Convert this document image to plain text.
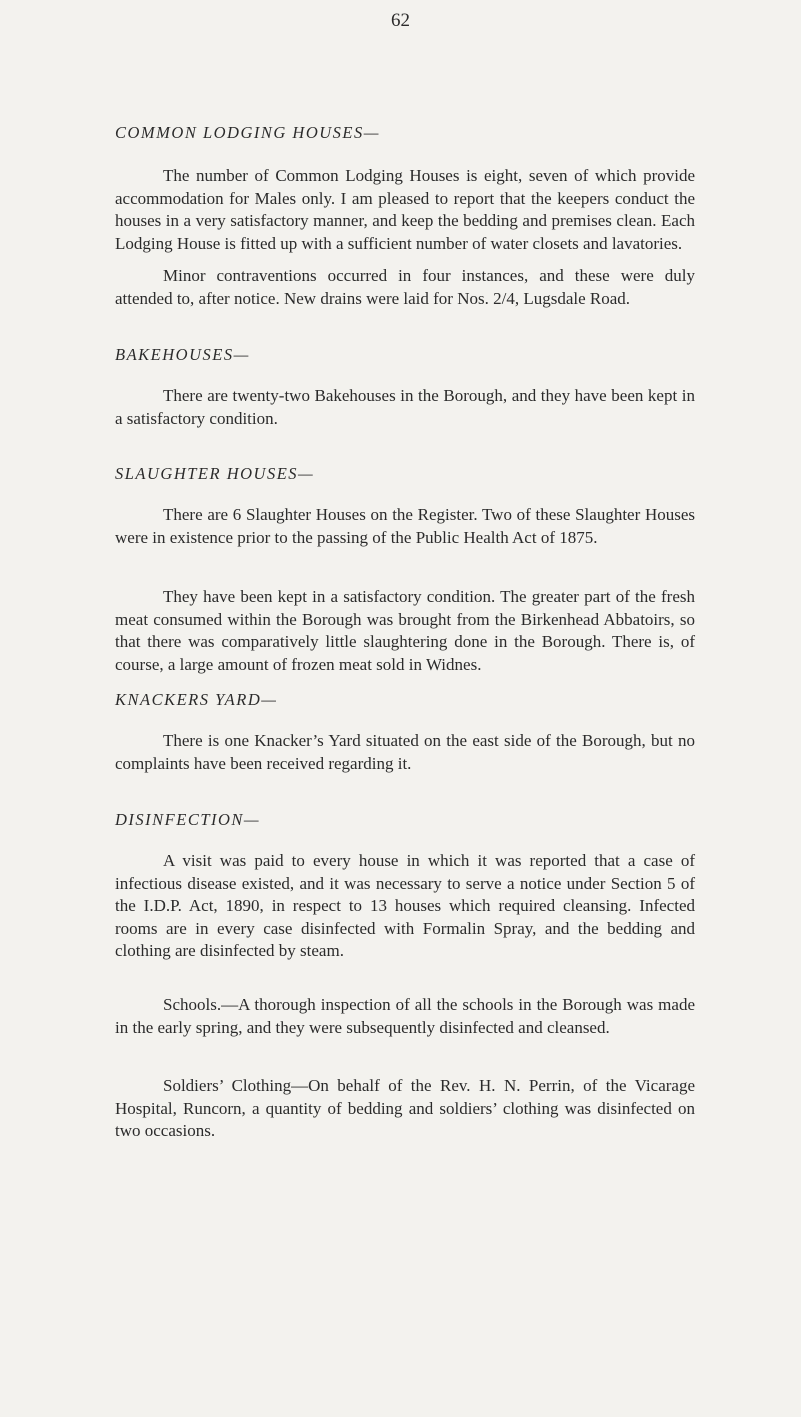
62
COMMON LODGING HOUSES—

The number of Common Lodging Houses is eight, seven of which provide accommodation for Males only. I am pleased to report that the keepers conduct the houses in a very satisfactory manner, and keep the bedding and premises clean. Each Lodging House is fitted up with a sufficient number of water closets and lavatories.

Minor contraventions occurred in four instances, and these were duly attended to, after notice. New drains were laid for Nos. 2/4, Lugsdale Road.

BAKEHOUSES—

There are twenty-two Bakehouses in the Borough, and they have been kept in a satisfactory condition.

SLAUGHTER HOUSES—

There are 6 Slaughter Houses on the Register. Two of these Slaughter Houses were in existence prior to the passing of the Public Health Act of 1875.

They have been kept in a satisfactory condition. The greater part of the fresh meat consumed within the Borough was brought from the Birkenhead Abbatoirs, so that there was comparatively little slaughtering done in the Borough. There is, of course, a large amount of frozen meat sold in Widnes.

KNACKERS YARD—

There is one Knacker’s Yard situated on the east side of the Borough, but no complaints have been received regarding it.

DISINFECTION—

A visit was paid to every house in which it was reported that a case of infectious disease existed, and it was necessary to serve a notice under Section 5 of the I.D.P. Act, 1890, in respect to 13 houses which required cleansing. Infected rooms are in every case disinfected with Formalin Spray, and the bedding and clothing are disinfected by steam.

Schools.—A thorough inspection of all the schools in the Borough was made in the early spring, and they were subsequently disinfected and cleansed.

Soldiers’ Clothing—On behalf of the Rev. H. N. Perrin, of the Vicarage Hospital, Runcorn, a quantity of bedding and soldiers’ clothing was disinfected on two occasions.
